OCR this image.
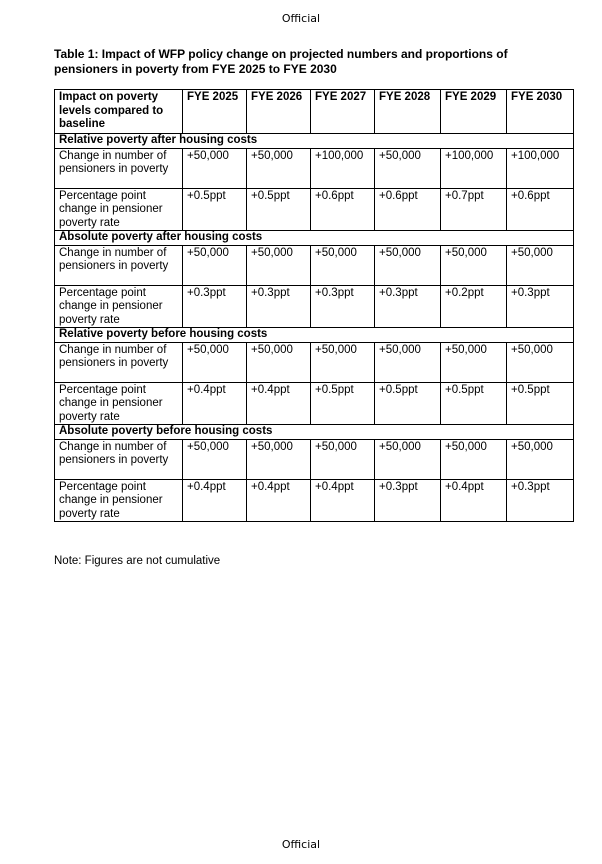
Official
Table 1: Impact of WFP policy change on projected numbers and proportions of pensioners in poverty from FYE 2025 to FYE 2030
Impact on poverty levels compared to baseline	FYE 2025	FYE 2026	FYE 2027	FYE 2028	FYE 2029	FYE 2030
Relative poverty after housing costs						
Change in number of pensioners in poverty	+50,000	+50,000	+100,000	+50,000	+100,000	+100,000
Percentage point change in pensioner poverty rate	+0.5ppt	+0.5ppt	+0.6ppt	+0.6ppt	+0.7ppt	+0.6ppt
Absolute poverty after housing costs						
Change in number of pensioners in poverty	+50,000	+50,000	+50,000	+50,000	+50,000	+50,000
Percentage point change in pensioner poverty rate	+0.3ppt	+0.3ppt	+0.3ppt	+0.3ppt	+0.2ppt	+0.3ppt
Relative poverty before housing costs						
Change in number of pensioners in poverty	+50,000	+50,000	+50,000	+50,000	+50,000	+50,000
Percentage point change in pensioner poverty rate	+0.4ppt	+0.4ppt	+0.5ppt	+0.5ppt	+0.5ppt	+0.5ppt
Absolute poverty before housing costs						
Change in number of pensioners in poverty	+50,000	+50,000	+50,000	+50,000	+50,000	+50,000
Percentage point change in pensioner poverty rate	+0.4ppt	+0.4ppt	+0.4ppt	+0.3ppt	+0.4ppt	+0.3ppt
Note: Figures are not cumulative
Official
